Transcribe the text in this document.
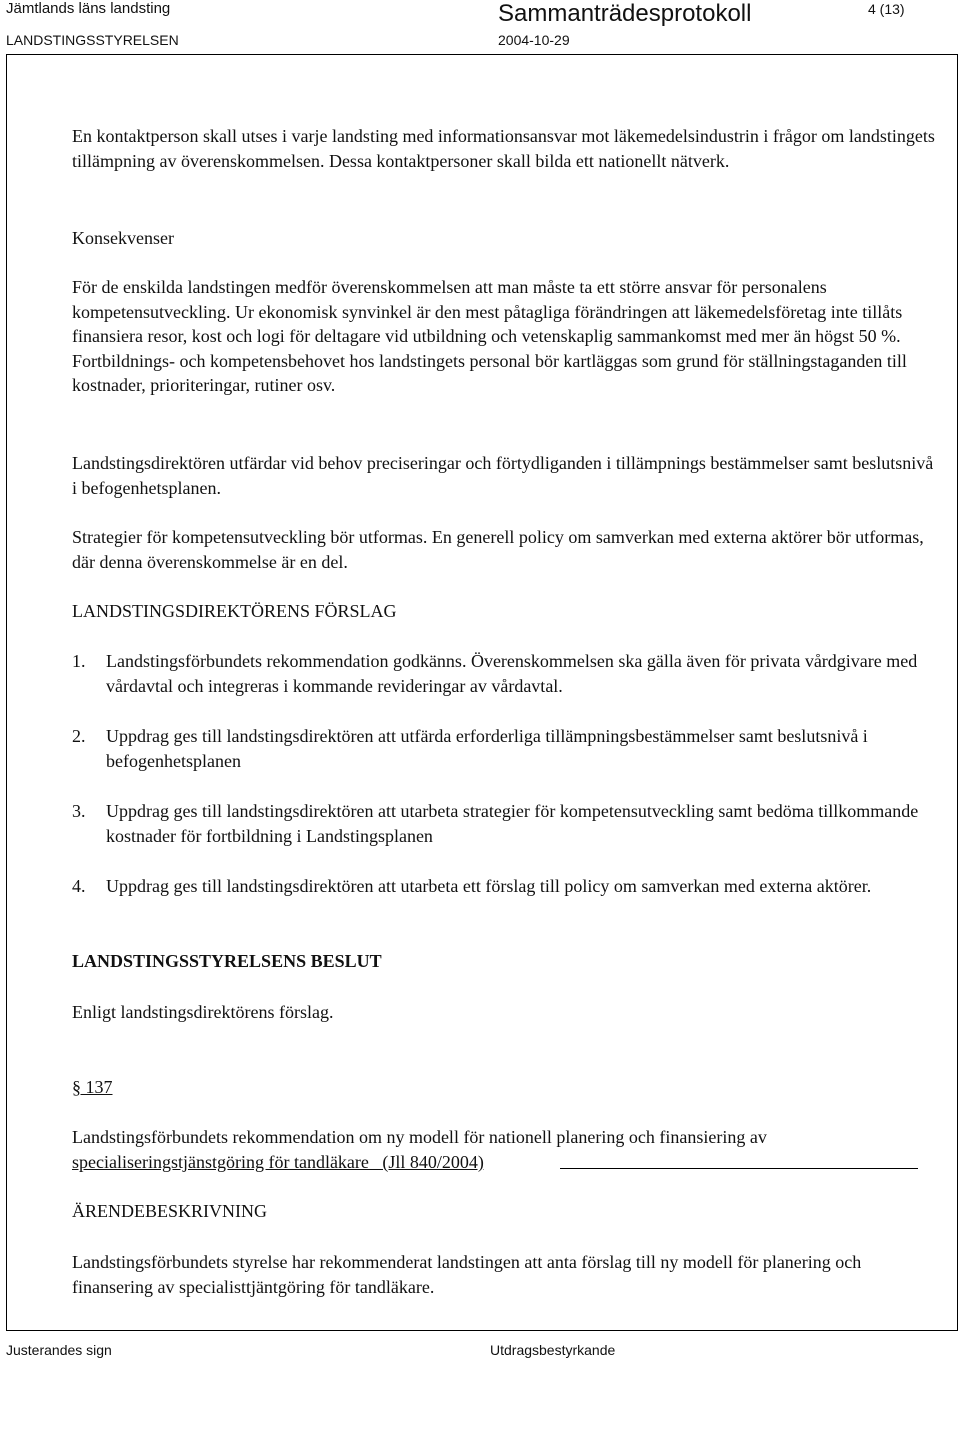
Jämtlands läns landsting	Sammanträdesprotokoll	4 (13)
LANDSTINGSSTYRELSEN	2004-10-29

En kontaktperson skall utses i varje landsting med informationsansvar mot läkemedelsindustrin i frågor om landstingets tillämpning av överenskommelsen. Dessa kontaktpersoner skall bilda ett nationellt nätverk.

Konsekvenser

För de enskilda landstingen medför överenskommelsen att man måste ta ett större ansvar för personalens kompetensutveckling. Ur ekonomisk synvinkel är den mest påtagliga förändringen att läkemedelsföretag inte tillåts finansiera resor, kost och logi för deltagare vid utbildning och vetenskaplig sammankomst med mer än högst 50 %. Fortbildnings- och kompetensbehovet hos landstingets personal bör kartläggas som grund för ställningstaganden till kostnader, prioriteringar, rutiner osv.

Landstingsdirektören utfärdar vid behov preciseringar och förtydliganden i tillämpnings bestämmelser samt beslutsnivå i befogenhetsplanen.

Strategier för kompetensutveckling bör utformas. En generell policy om samverkan med externa aktörer bör utformas, där denna överenskommelse är en del.

LANDSTINGSDIREKTÖRENS FÖRSLAG

1. Landstingsförbundets rekommendation godkänns. Överenskommelsen ska gälla även för privata vårdgivare med vårdavtal och integreras i kommande revideringar av vårdavtal.
2. Uppdrag ges till landstingsdirektören att utfärda erforderliga tillämpningsbestämmelser samt beslutsnivå i befogenhetsplanen
3. Uppdrag ges till landstingsdirektören att utarbeta strategier för kompetensutveckling samt bedöma tillkommande kostnader för fortbildning i Landstingsplanen
4. Uppdrag ges till landstingsdirektören att utarbeta ett förslag till policy om samverkan med externa aktörer.

LANDSTINGSSTYRELSENS BESLUT

Enligt landstingsdirektörens förslag.

§ 137

Landstingsförbundets rekommendation om ny modell för nationell planering och finansiering av

specialiseringstjänstgöring för tandläkare   (Jll 840/2004)

ÄRENDEBESKRIVNING

Landstingsförbundets styrelse har rekommenderat landstingen att anta förslag till ny modell för planering och finansering av specialisttjäntgöring för tandläkare.

Justerandes sign	Utdragsbestyrkande
